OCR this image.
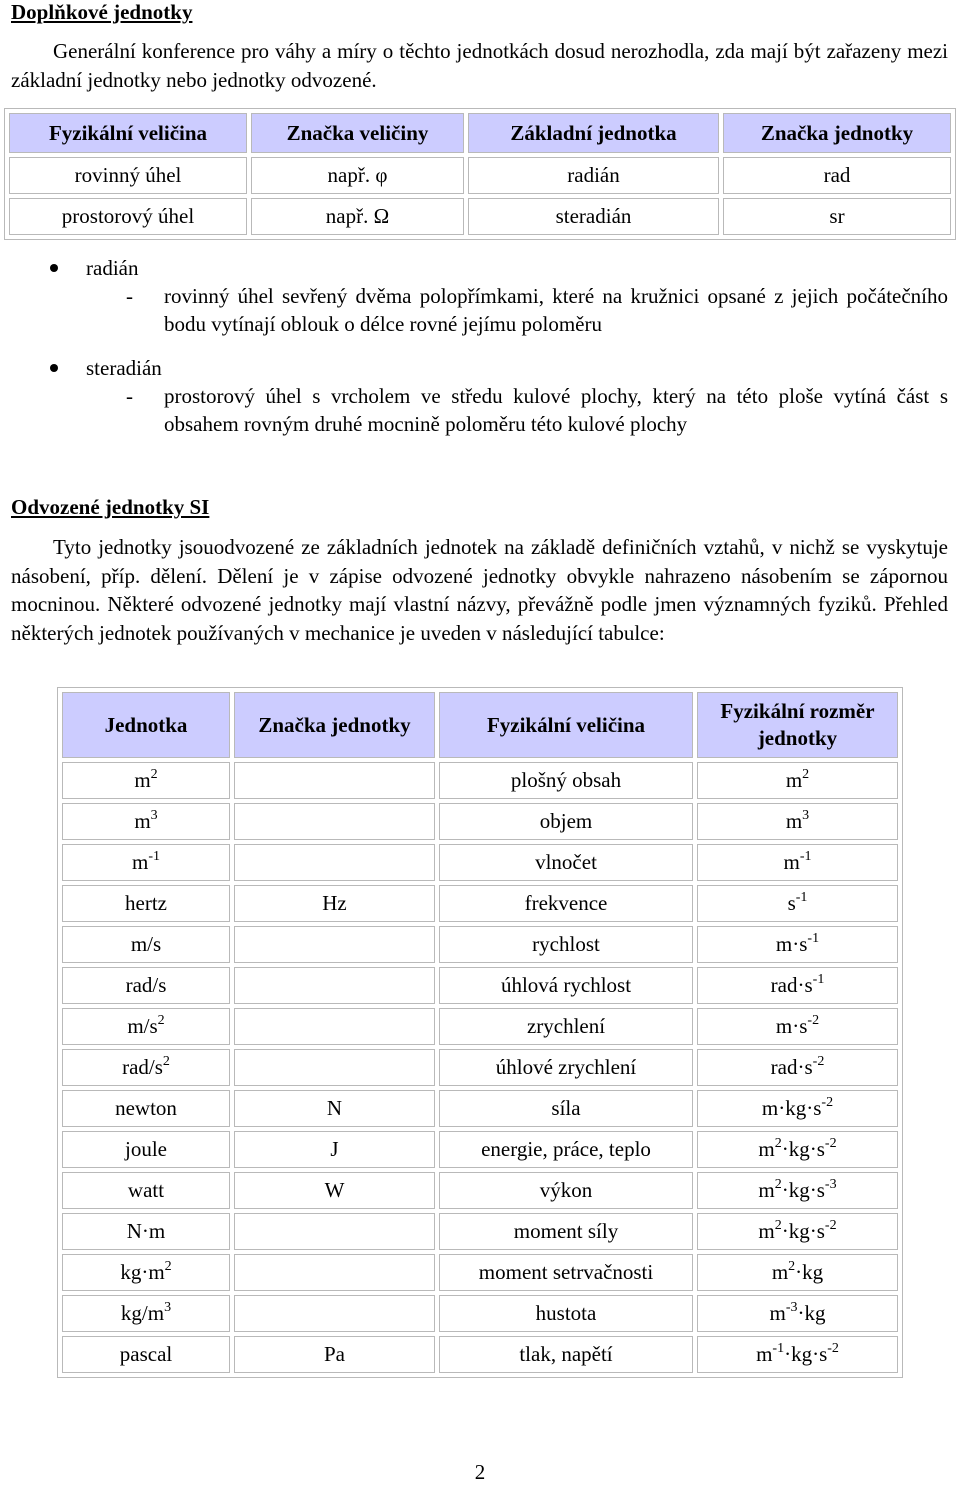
Doplňkové jednotky
Generální konference pro váhy a míry o těchto jednotkách dosud nerozhodla, zda mají být zařazeny mezi základní jednotky nebo jednotky odvozené.
Fyzikální veličina	Značka veličiny	Základní jednotka	Značka jednotky
rovinný úhel	např. φ	radián	rad
prostorový úhel	např. Ω	steradián	sr
radián
- rovinný úhel sevřený dvěma polopřímkami, které na kružnici opsané z jejich počátečního bodu vytínají oblouk o délce rovné jejímu poloměru
steradián
- prostorový úhel s vrcholem ve středu kulové plochy, který na této ploše vytíná část s obsahem rovným druhé mocnině poloměru této kulové plochy
Odvozené jednotky SI
Tyto jednotky jsouodvozené ze základních jednotek na základě definičních vztahů, v nichž se vyskytuje násobení, příp. dělení. Dělení je v zápise odvozené jednotky obvykle nahrazeno násobením se zápornou mocninou. Některé odvozené jednotky mají vlastní názvy, převážně podle jmen významných fyziků. Přehled některých jednotek používaných v mechanice je uveden v následující tabulce:
Jednotka	Značka jednotky	Fyzikální veličina	Fyzikální rozměr jednotky
$m^2$		plošný obsah	$m^2$
$m^3$		objem	$m^3$
$m^{-1}$		vlnočet	$m^{-1}$
hertz	Hz	frekvence	$s^{-1}$
m/s		rychlost	$m\cdot s^{-1}$
rad/s		úhlová rychlost	$rad\cdot s^{-1}$
$m/s^2$		zrychlení	$m\cdot s^{-2}$
rad/$s^2$		úhlové zrychlení	$rad\cdot s^{-2}$
newton	N	síla	$m\cdot kg\cdot s^{-2}$
joule	J	energie, práce, teplo	$m^2\cdot kg\cdot s^{-2}$
watt	W	výkon	$m^2\cdot kg\cdot s^{-3}$
N·m		moment síly	$m^2\cdot kg\cdot s^{-2}$
$kg\cdot m^2$		moment setrvačnosti	$m^2\cdot kg$
$kg/m^3$		hustota	$m^{-3}\cdot kg$
pascal	Pa	tlak, napětí	$m^{-1}\cdot kg\cdot s^{-2}$
2
